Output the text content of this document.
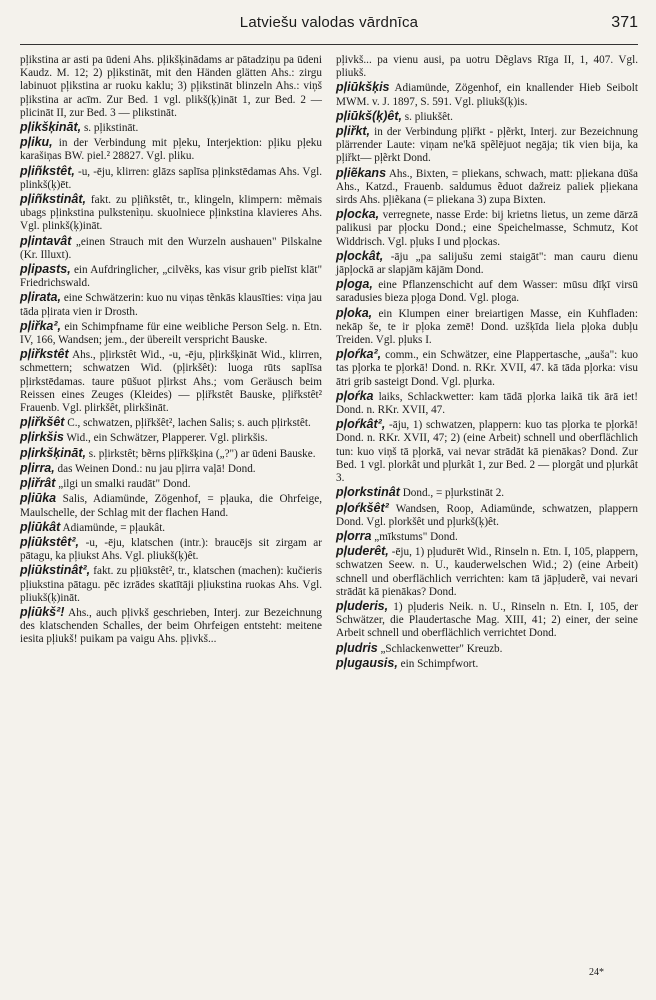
Latviešu valodas vārdnīca	371

pļikstina ar asti pa ūdeni Ahs. pļikšķinādams ar pātadziņu pa ūdeni Kaudz. M. 12; 2) pļikstināt, mit den Händen glätten Ahs.: zirgu labinuot pļikstina ar ruoku kaklu; 3) pļikstināt blinzeln Ahs.: viņš pļikstina ar acīm. Zur Bed. 1 vgl. plikš(ķ)ināt 1, zur Bed. 2 — plicināt II, zur Bed. 3 — plikstināt.

pļikšķināt, s. pļikstināt.

pļiku, in der Verbindung mit pļeku, Interjektion: pļiku pļeku karašiņas BW. piel.² 28827. Vgl. pliku.

pļiñkstêt, -u, -ēju, klirren: glāzs saplīsa pļinkstēdamas Ahs. Vgl. plinkš(ķ)ēt.

pļiñkstinât, fakt. zu pļiñkstêt, tr., klingeln, klimpern: mẽmais ubags pļinkstina pulkstenìņu. skuolniece pļinkstina klavieres Ahs. Vgl. plinkš(ķ)ināt.

pļintavât „einen Strauch mit den Wurzeln aushauen" Pilskalne (Kr. Illuxt).

pļipasts, ein Aufdringlicher, „cilvẽks, kas visur grib pielīst klāt" Friedrichswald.

pļirata, eine Schwätzerin: kuo nu viņas tẽnkās klausīties: viņa jau tāda pļirata vien ir Drosth.

pļiřka², ein Schimpfname für eine weibliche Person Selg. n. Etn. IV, 166, Wandsen; jem., der übereilt verspricht Bauske.

pļiřkstêt Ahs., pļirkstêt Wid., -u, -ēju, pļirkšķināt Wid., klirren, schmettern; schwatzen Wid. (pļirkšêt): luoga rūts saplīsa pļirkstēdamas. taure pūšuot pļirkst Ahs.; vom Geräusch beim Reissen eines Zeuges (Kleides) — pļiřkstêt Bauske, pļiřkstêt² Frauenb. Vgl. plirkšêt, plirkšināt.

pļiřkšêt C., schwatzen, pļiřkšêt², lachen Salis; s. auch pļirkstêt.

pļirkšis Wid., ein Schwätzer, Plapperer. Vgl. plirkšis.

pļirkšķināt, s. pļirkstêt; bẽrns pļiřkšķina („?") ar ūdeni Bauske.

pļirra, das Weinen Dond.: nu jau pļirra vaļā! Dond.

pļiřrât „ilgi un smalki raudāt" Dond.

pļiūka Salis, Adiamünde, Zögenhof, = pļauka, die Ohrfeige, Maulschelle, der Schlag mit der flachen Hand.

pļiūkât Adiamünde, = pļaukât.

pļiūkstêt², -u, -ēju, klatschen (intr.): braucējs sit zirgam ar pātagu, ka pļiukst Ahs. Vgl. pliukš(ķ)êt.

pļiūkstinât², fakt. zu pļiūkstêt², tr., klatschen (machen): kučieris pļiukstina pātagu. pēc izrādes skatītāji pļiukstina ruokas Ahs. Vgl. pliukš(ķ)ināt.

pļiūkš²! Ahs., auch pļivkš geschrieben, Interj. zur Bezeichnung des klatschenden Schalles, der beim Ohrfeigen entsteht: meitene iesita pļiukš! puikam pa vaigu Ahs. pļivkš...

pļivkš... pa vienu ausi, pa uotru Dẽglavs Rīga II, 1, 407. Vgl. pliukš.

pļiūkšķis Adiamünde, Zögenhof, ein knallender Hieb Seibolt MWM. v. J. 1897, S. 591. Vgl. pliukš(ķ)is.

pļiūkš(ķ)êt, s. pliukšêt.

pļiřkt, in der Verbindung pļiřkt - pļẽrkt, Interj. zur Bezeichnung plärrender Laute: viņam ne'kā spẽlējuot negāja; tik vien bija, ka pļiřkt— pļẽrkt Dond.

pļiẽkans Ahs., Bixten, = pliekans, schwach, matt: pļiekana dūša Ahs., Katzd., Frauenb. saldumus ẽduot dažreiz paliek pļiekana sirds Ahs. pļiẽkana (= pliekana 3) zupa Bixten.

pļocka, verregnete, nasse Erde: bij krietns lietus, un zeme dārzā palikusi par pļocku Dond.; eine Speichelmasse, Schmutz, Kot Widdrisch. Vgl. pļuks I und pļockas.

pļockât, -āju „pa salijušu zemi staigāt": man cauru dienu jāpļockā ar slapjām kājām Dond.

pļoga, eine Pflanzenschicht auf dem Wasser: mūsu dīķī virsū saradusies bieza pļoga Dond. Vgl. ploga.

pļoka, ein Klumpen einer breiartigen Masse, ein Kuhfladen: nekāp še, te ir pļoka zemē! Dond. uzšķīda liela pļoka dubļu Treiden. Vgl. pļuks I.

pļoŕka², comm., ein Schwätzer, eine Plappertasche, „auša": kuo tas pļorka te pļorkā! Dond. n. RKr. XVII, 47. kā tāda pļorka: visu ātri grib sasteigt Dond. Vgl. pļurka.

pļoŕka laiks, Schlackwetter: kam tādā pļorka laikā tik ārā iet! Dond. n. RKr. XVII, 47.

pļoŕkât², -āju, 1) schwatzen, plappern: kuo tas pļorka te pļorkā! Dond. n. RKr. XVII, 47; 2) (eine Arbeit) schnell und oberflächlich tun: kuo viņš tā pļorkā, vai nevar strādāt kā pienākas? Dond. Zur Bed. 1 vgl. plorkât und pļurkât 1, zur Bed. 2 — plorgât und pļurkât 3.

pļorkstinât Dond., = pļurkstināt 2.

pļoŕkšêt² Wandsen, Roop, Adiamünde, schwatzen, plappern Dond. Vgl. plorkšêt und pļurkš(ķ)êt.

pļorra „mīkstums" Dond.

pļuderêt, -ēju, 1) pļudurēt Wid., Rinseln n. Etn. I, 105, plappern, schwatzen Seew. n. U., kauderwelschen Wid.; 2) (eine Arbeit) schnell und oberflächlich verrichten: kam tā jāpļuderẽ, vai nevari strādāt kā pienākas? Dond.

pļuderis, 1) pļuderis Neik. n. U., Rinseln n. Etn. I, 105, der Schwätzer, die Plaudertasche Mag. XIII, 41; 2) einer, der seine Arbeit schnell und oberflächlich verrichtet Dond.

pļudris „Schlackenwetter" Kreuzb.

pļugausis, ein Schimpfwort.

24*
